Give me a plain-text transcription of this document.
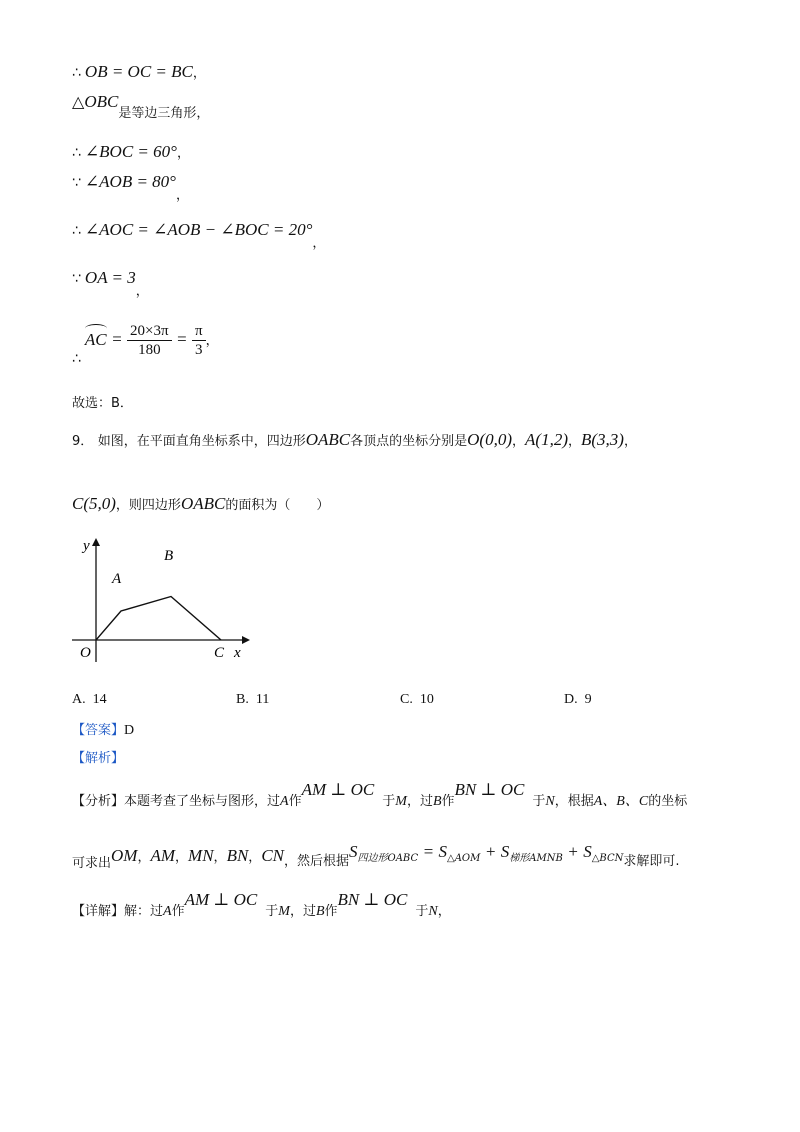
∴ OB = OC = BC，
△OBC是等边三角形，
∴ ∠BOC = 60°，
∵ ∠AOB = 80°，
∴ ∠AOC = ∠AOB − ∠BOC = 20°，
∵ OA = 3，
∴AC = $\frac{20\times 3\pi}{180} = \frac{\pi}{3}$ ，
故选：B．
9． 如图，在平面直角坐标系中，四边形OABC各顶点的坐标分别是O(0,0)，A(1,2)，B(3,3)，
C(5,0)，则四边形OABC的面积为（　　）
y
x
O
A
B
C
A. 14	B. 11	C. 10	D. 9
【答案】D
【解析】
【分析】本题考查了坐标与图形，过A作AM ⊥ OC于M，过B作BN ⊥ OC于N，根据A、B、C的坐标
可求出OM，AM，MN，BN，CN，然后根据$S_{四边形OABC} = S_{\triangle AOM} + S_{梯形AMNB} + S_{\triangle BCN}$求解即可.
【详解】解：过A作AM ⊥ OC于M，过B作BN ⊥ OC于N，
